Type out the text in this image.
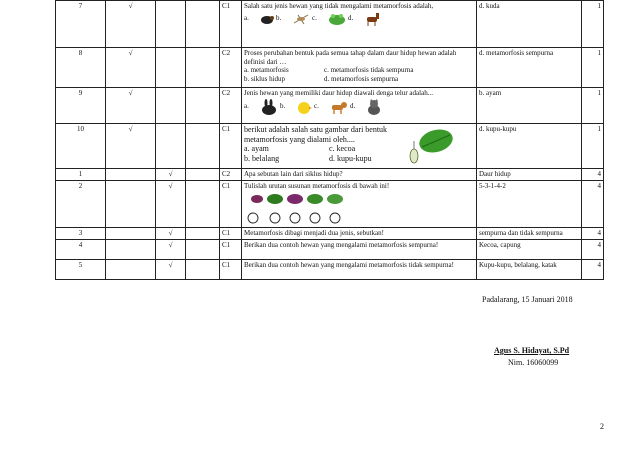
7	√			C1	Salah satu jenis hewan yang tidak mengalami metamorfosis adalah,
a. b. c. d.	d. kuda	1
8	√			C2	Proses perubahan bentuk pada semua tahap dalam daur hidup hewan adalah definisi dari …
a. metamorfosis c. metamorfosis tidak sempurna
b. siklus hidup d. metamorfosis sempurna	d. metamorfosis sempurna	1
9	√			C2	Jenis hewan yang memiliki daur hidup diawali denga telur adalah...
a. b. c. d.	b. ayam	1
10	√			C1	berikut adalah salah satu gambar dari bentuk metamorfosis yang dialami oleh....
a. ayam c. kecoa
b. belalang d. kupu-kupu	d. kupu-kupu	1
1		√		C2	Apa sebutan lain dari siklus hidup?	Daur hidup	4
2		√		C1	Tulislah urutan susunan metamorfosis di bawah ini!	5-3-1-4-2	4
3		√		C1	Metamorfosis dibagi menjadi dua jenis, sebutkan!	sempurna dan tidak sempurna	4
4		√		C1	Berikan dua contoh hewan yang mengalami metamorfosis sempurna!	Kecoa, capung	4
5		√		C1	Berikan dua contoh hewan yang mengalami metamorfosis tidak sempurna!	Kupu-kupu, belalang, katak	4
Padalarang, 15 Januari 2018
Agus S. Hidayat, S.Pd
Nim. 16060099
2
